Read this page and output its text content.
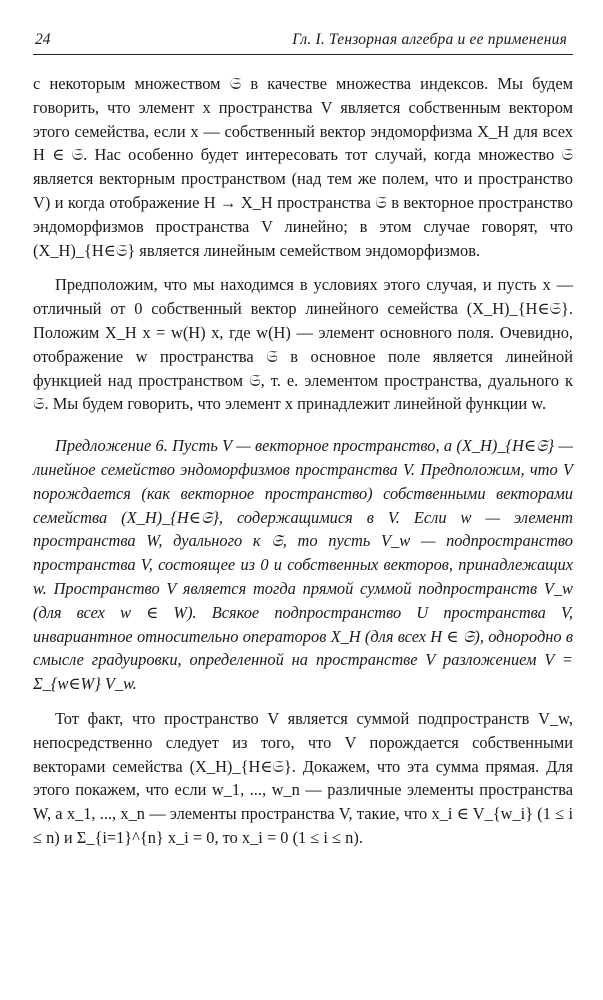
24	Гл. I. Тензорная алгебра и ее применения

с некоторым множеством 𝔖 в качестве множества индексов. Мы будем говорить, что элемент x пространства V является собственным вектором этого семейства, если x — собственный вектор эндоморфизма X_H для всех H ∈ 𝔖. Нас особенно будет интересовать тот случай, когда множество 𝔖 является векторным пространством (над тем же полем, что и пространство V) и когда отображение H → X_H пространства 𝔖 в векторное пространство эндоморфизмов пространства V линейно; в этом случае говорят, что (X_H)_{H∈𝔖} является линейным семейством эндоморфизмов.

Предположим, что мы находимся в условиях этого случая, и пусть x — отличный от 0 собственный вектор линейного семейства (X_H)_{H∈𝔖}. Положим X_H x = w(H) x, где w(H) — элемент основного поля. Очевидно, отображение w пространства 𝔖 в основное поле является линейной функцией над пространством 𝔖, т. е. элементом пространства, дуального к 𝔖. Мы будем говорить, что элемент x принадлежит линейной функции w.

Предложение 6. Пусть V — векторное пространство, а (X_H)_{H∈𝔖} — линейное семейство эндоморфизмов пространства V. Предположим, что V порождается (как векторное пространство) собственными векторами семейства (X_H)_{H∈𝔖}, содержащимися в V. Если w — элемент пространства W, дуального к 𝔖, то пусть V_w — подпространство пространства V, состоящее из 0 и собственных векторов, принадлежащих w. Пространство V является тогда прямой суммой подпространств V_w (для всех w ∈ W). Всякое подпространство U пространства V, инвариантное относительно операторов X_H (для всех H ∈ 𝔖), однородно в смысле градуировки, определенной на пространстве V разложением V = Σ_{w∈W} V_w.

Тот факт, что пространство V является суммой подпространств V_w, непосредственно следует из того, что V порождается собственными векторами семейства (X_H)_{H∈𝔖}. Докажем, что эта сумма прямая. Для этого покажем, что если w_1, ..., w_n — различные элементы пространства W, а x_1, ..., x_n — элементы пространства V, такие, что x_i ∈ V_{w_i} (1 ≤ i ≤ n) и Σ_{i=1}^{n} x_i = 0, то x_i = 0 (1 ≤ i ≤ n).
